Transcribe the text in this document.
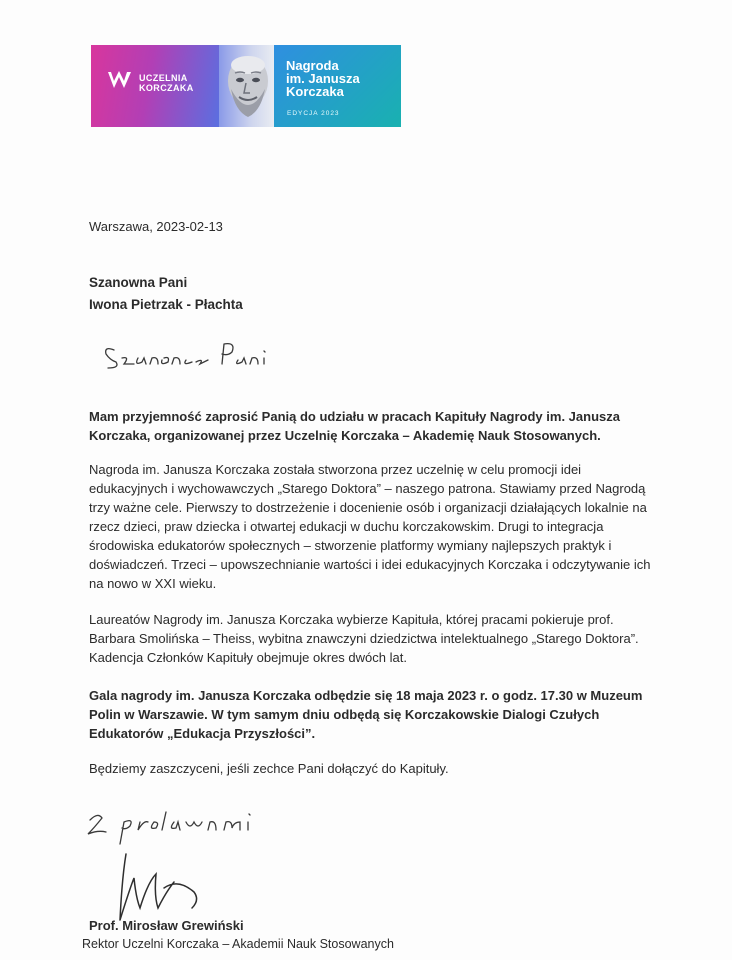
UCZELNIA
KORCZAKA
Nagroda
im. Janusza
Korczaka
EDYCJA 2023
Warszawa, 2023-02-13
Szanowna Pani
Iwona Pietrzak - Płachta
Mam przyjemność zaprosić Panią do udziału w pracach Kapituły Nagrody im. Janusza Korczaka, organizowanej przez Uczelnię Korczaka – Akademię Nauk Stosowanych.
Nagroda im. Janusza Korczaka została stworzona przez uczelnię w celu promocji idei edukacyjnych i wychowawczych „Starego Doktora” – naszego patrona. Stawiamy przed Nagrodą trzy ważne cele. Pierwszy to dostrzeżenie i docenienie osób i organizacji działających lokalnie na rzecz dzieci, praw dziecka i otwartej edukacji w duchu korczakowskim. Drugi to integracja środowiska edukatorów społecznych – stworzenie platformy wymiany najlepszych praktyk i doświadczeń. Trzeci – upowszechnianie wartości i idei edukacyjnych Korczaka i odczytywanie ich na nowo w XXI wieku.
Laureatów Nagrody im. Janusza Korczaka wybierze Kapituła, której pracami pokieruje prof. Barbara Smolińska – Theiss, wybitna znawczyni dziedzictwa intelektualnego „Starego Doktora”. Kadencja Członków Kapituły obejmuje okres dwóch lat.
Gala nagrody im. Janusza Korczaka odbędzie się 18 maja 2023 r. o godz. 17.30 w Muzeum Polin w Warszawie. W tym samym dniu odbędą się Korczakowskie Dialogi Czułych Edukatorów „Edukacja Przyszłości”.
Będziemy zaszczyceni, jeśli zechce Pani dołączyć do Kapituły.
Prof. Mirosław Grewiński
Rektor Uczelni Korczaka – Akademii Nauk Stosowanych
